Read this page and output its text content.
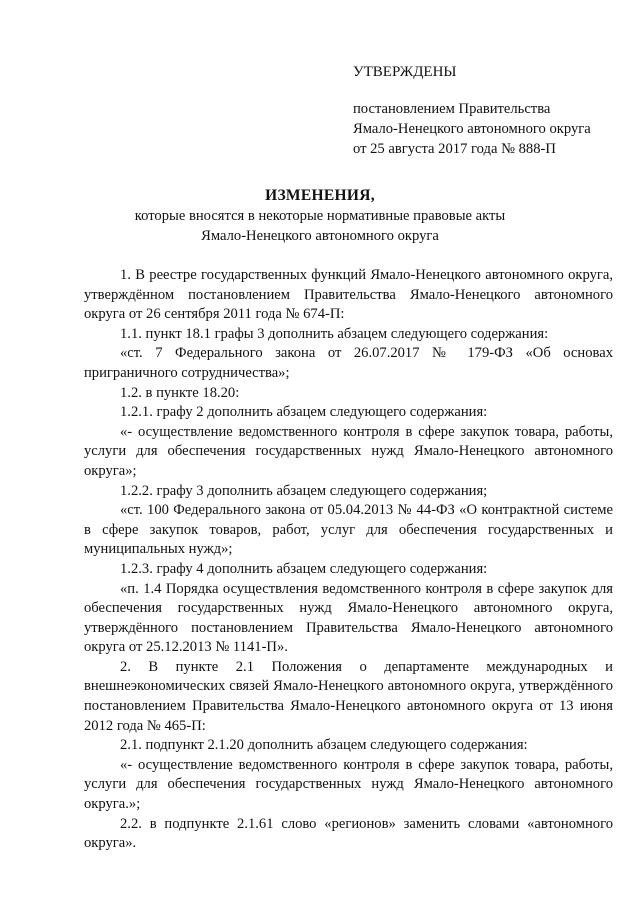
УТВЕРЖДЕНЫ
постановлением Правительства
Ямало-Ненецкого автономного округа
от 25 августа 2017 года № 888-П
ИЗМЕНЕНИЯ,
которые вносятся в некоторые нормативные правовые акты
Ямало-Ненецкого автономного округа

1. В реестре государственных функций Ямало-Ненецкого автономного округа, утверждённом постановлением Правительства Ямало-Ненецкого автономного округа от 26 сентября 2011 года № 674-П:

1.1. пункт 18.1 графы 3 дополнить абзацем следующего содержания:

«ст. 7 Федерального закона от 26.07.2017 № 179-ФЗ «Об основах приграничного сотрудничества»;

1.2. в пункте 18.20:

1.2.1. графу 2 дополнить абзацем следующего содержания:

«- осуществление ведомственного контроля в сфере закупок товара, работы, услуги для обеспечения государственных нужд Ямало-Ненецкого автономного округа»;

1.2.2. графу 3 дополнить абзацем следующего содержания;

«ст. 100 Федерального закона от 05.04.2013 № 44-ФЗ «О контрактной системе в сфере закупок товаров, работ, услуг для обеспечения государственных и муниципальных нужд»;

1.2.3. графу 4 дополнить абзацем следующего содержания:

«п. 1.4 Порядка осуществления ведомственного контроля в сфере закупок для обеспечения государственных нужд Ямало-Ненецкого автономного округа, утверждённого постановлением Правительства Ямало-Ненецкого автономного округа от 25.12.2013 № 1141-П».

2. В пункте 2.1 Положения о департаменте международных и внешнеэкономических связей Ямало-Ненецкого автономного округа, утверждённого постановлением Правительства Ямало-Ненецкого автономного округа от 13 июня 2012 года № 465-П:

2.1. подпункт 2.1.20 дополнить абзацем следующего содержания:

«- осуществление ведомственного контроля в сфере закупок товара, работы, услуги для обеспечения государственных нужд Ямало-Ненецкого автономного округа.»;

2.2. в подпункте 2.1.61 слово «регионов» заменить словами «автономного округа».
